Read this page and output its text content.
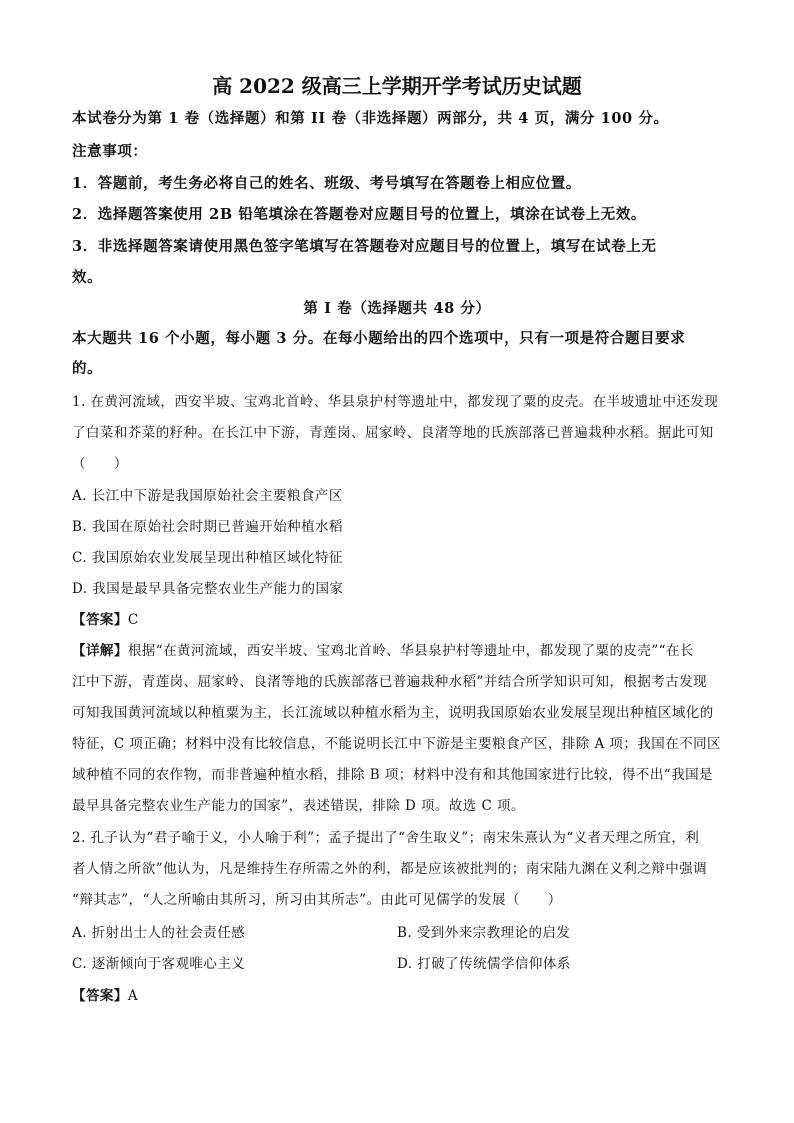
高 2022 级高三上学期开学考试历史试题
本试卷分为第 1 卷（选择题）和第 II 卷（非选择题）两部分，共 4 页，满分 100 分。
注意事项：
1．答题前，考生务必将自己的姓名、班级、考号填写在答题卷上相应位置。
2．选择题答案使用 2B 铅笔填涂在答题卷对应题目号的位置上，填涂在试卷上无效。
3．非选择题答案请使用黑色签字笔填写在答题卷对应题目号的位置上，填写在试卷上无
效。
第 I 卷（选择题共 48 分）
本大题共 16 个小题，每小题 3 分。在每小题给出的四个选项中，只有一项是符合题目要求
的。
1. 在黄河流域，西安半坡、宝鸡北首岭、华县泉护村等遗址中，都发现了粟的皮壳。在半坡遗址中还发现
了白菜和芥菜的籽种。在长江中下游，青莲岗、屈家岭、良渚等地的氏族部落已普遍栽种水稻。据此可知
（　　）
A. 长江中下游是我国原始社会主要粮食产区
B. 我国在原始社会时期已普遍开始种植水稻
C. 我国原始农业发展呈现出种植区域化特征
D. 我国是最早具备完整农业生产能力的国家
【答案】C
【详解】根据“在黄河流域，西安半坡、宝鸡北首岭、华县泉护村等遗址中，都发现了粟的皮壳”“在长
江中下游，青莲岗、屈家岭、良渚等地的氏族部落已普遍栽种水稻”并结合所学知识可知，根据考古发现
可知我国黄河流域以种植粟为主，长江流域以种植水稻为主，说明我国原始农业发展呈现出种植区域化的
特征，C 项正确；材料中没有比较信息，不能说明长江中下游是主要粮食产区，排除 A 项；我国在不同区
域种植不同的农作物，而非普遍种植水稻，排除 B 项；材料中没有和其他国家进行比较，得不出“我国是
最早具备完整农业生产能力的国家”，表述错误，排除 D 项。故选 C 项。
2. 孔子认为“君子喻于义，小人喻于利”；孟子提出了“舍生取义”；南宋朱熹认为“义者天理之所宜，利
者人情之所欲”他认为，凡是维持生存所需之外的利，都是应该被批判的；南宋陆九渊在义利之辩中强调
“辩其志”，“人之所喻由其所习，所习由其所志”。由此可见儒学的发展（　　）
A. 折射出士人的社会责任感	B. 受到外来宗教理论的启发
C. 逐渐倾向于客观唯心主义	D. 打破了传统儒学信仰体系
【答案】A
